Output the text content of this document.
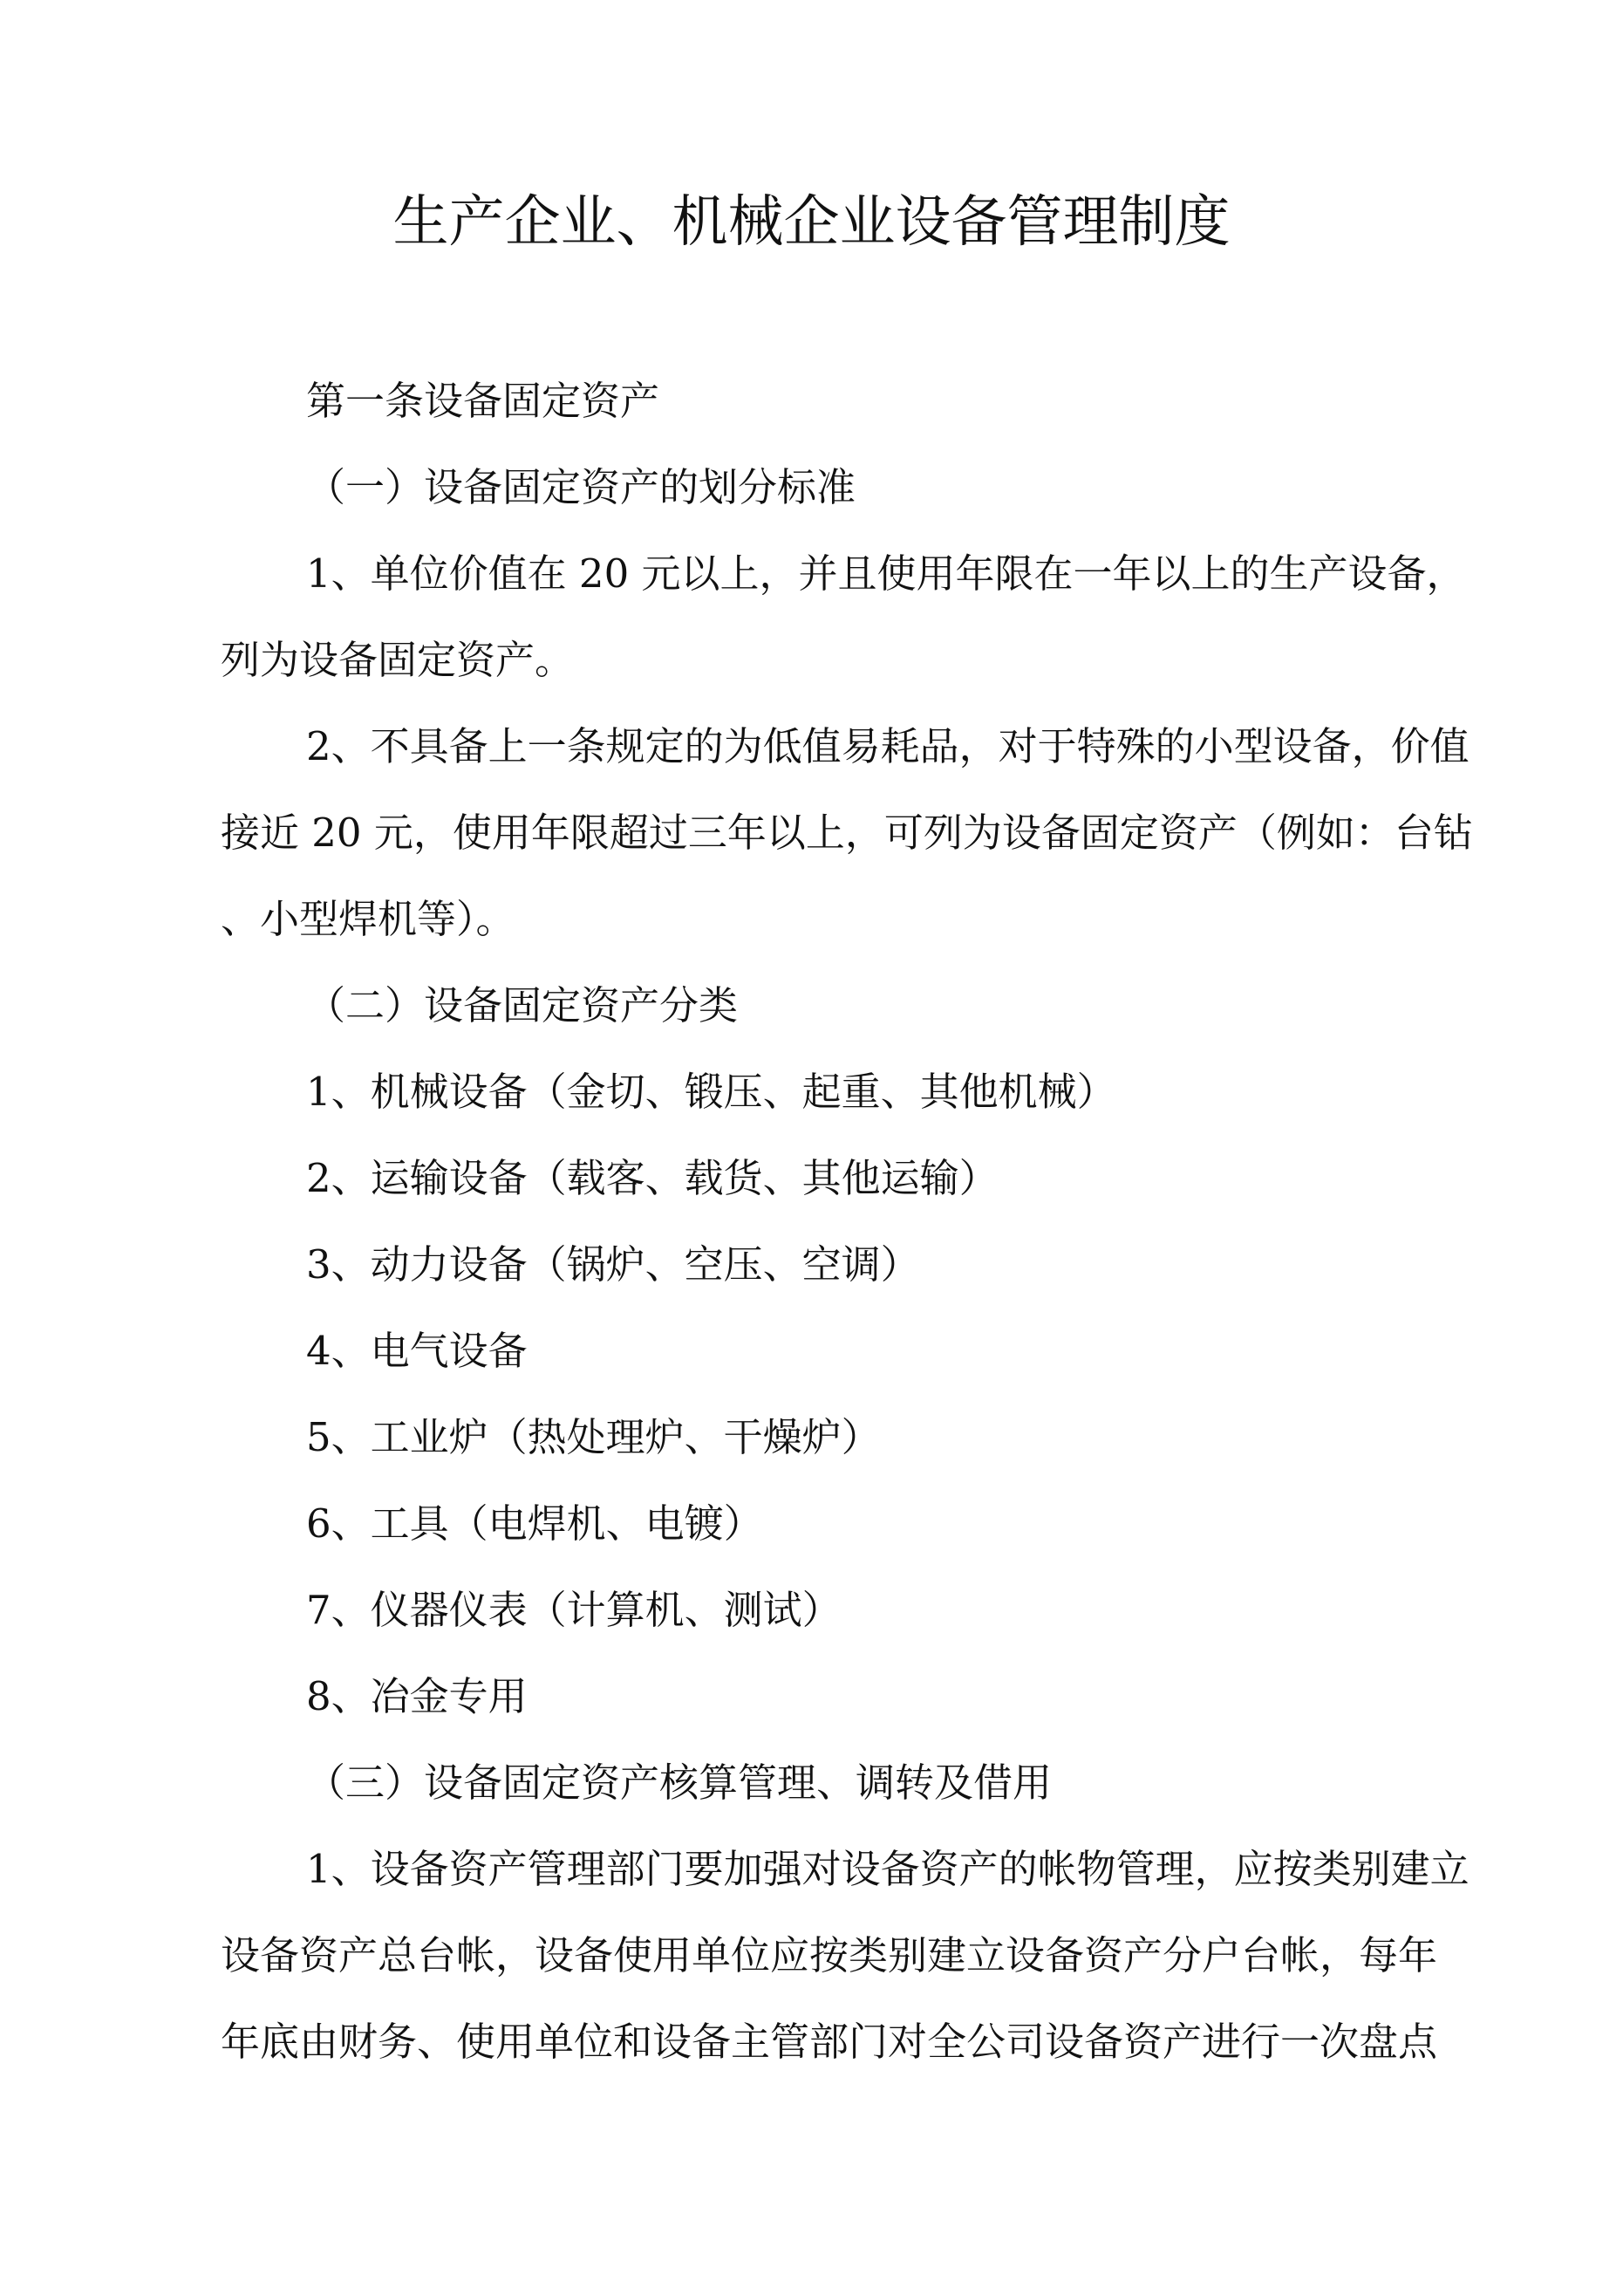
生产企业、机械企业设备管理制度
第一条设备固定资产
（一）设备固定资产的划分标准
1、单位价值在 20 元以上，并且使用年限在一年以上的生产设备，
列为设备固定资产。
2、不具备上一条规定的为低值易耗品，对于特殊的小型设备，价值
接近 20 元，使用年限超过三年以上，可列为设备固定资产（例如：台钻
、小型焊机等）。
（二）设备固定资产分类
1、机械设备（金切、锻压、起重、其他机械）
2、运输设备（载客、载货、其他运输）
3、动力设备（锅炉、空压、空调）
4、电气设备
5、工业炉（热处理炉、干燥炉）
6、工具（电焊机、电镀）
7、仪器仪表（计算机、测试）
8、冶金专用
（三）设备固定资产核算管理、调转及借用
1、设备资产管理部门要加强对设备资产的帐物管理，应按类别建立
设备资产总台帐，设备使用单位应按类别建立设备资产分户台帐，每年
年底由财务、使用单位和设备主管部门对全公司设备资产进行一次盘点
